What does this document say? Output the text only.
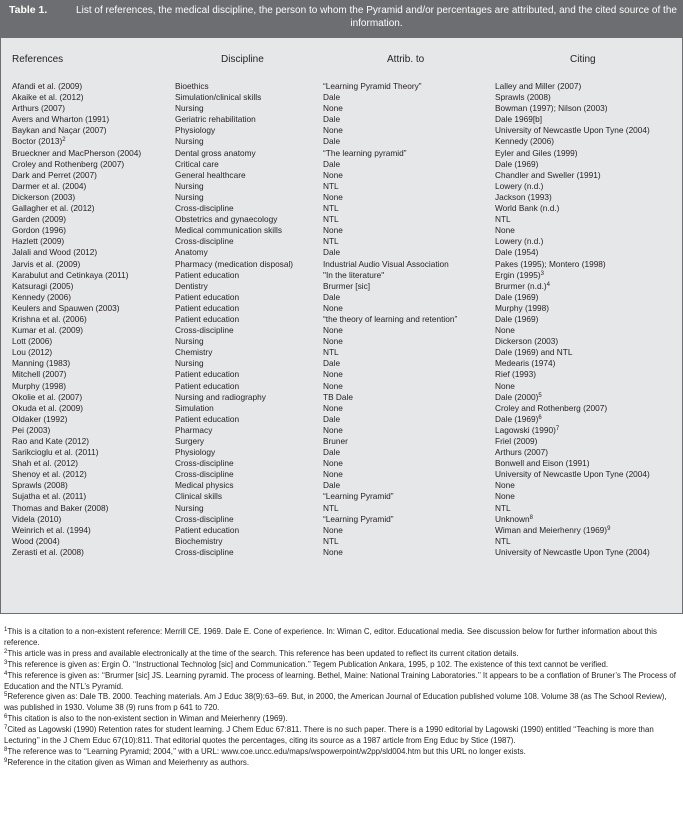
Table 1.	List of references, the medical discipline, the person to whom the Pyramid and/or percentages are attributed, and the cited source of the information.
References	Discipline	Attrib. to	Citing
Afandi et al. (2009)	Bioethics	“Learning Pyramid Theory”	Lalley and Miller (2007)
Akaike et al. (2012)	Simulation/clinical skills	Dale	Sprawls (2008)
Arthurs (2007)	Nursing	None	Bowman (1997); Nilson (2003)
Avers and Wharton (1991)	Geriatric rehabilitation	Dale	Dale 1969[b]
Baykan and Naçar (2007)	Physiology	None	University of Newcastle Upon Tyne (2004)
Boctor $(2013)^2$	Nursing	Dale	Kennedy (2006)
Brueckner and MacPherson (2004)	Dental gross anatomy	“The learning pyramid”	Eyler and Giles (1999)
Croley and Rothenberg (2007)	Critical care	Dale	Dale (1969)
Dark and Perret (2007)	General healthcare	None	Chandler and Sweller (1991)
Darmer et al. (2004)	Nursing	NTL	Lowery (n.d.)
Dickerson (2003)	Nursing	None	Jackson (1993)
Gallagher et al. (2012)	Cross-discipline	NTL	World Bank (n.d.)
Garden (2009)	Obstetrics and gynaecology	NTL	NTL
Gordon (1996)	Medical communication skills	None	None
Hazlett (2009)	Cross-discipline	NTL	Lowery (n.d.)
Jalali and Wood (2012)	Anatomy	Dale	Dale (1954)
Jarvis et al. (2009)	Pharmacy (medication disposal)	Industrial Audio Visual Association	Pakes (1995); Montero (1998)
Karabulut and Cetinkaya (2011)	Patient education	"In the literature"	Ergin $(1995)^3$
Katsuragi (2005)	Dentistry	Brurmer [sic]	Brurmer $(n.d.)^4$
Kennedy (2006)	Patient education	Dale	Dale (1969)
Keulers and Spauwen (2003)	Patient education	None	Murphy (1998)
Krishna et al. (2006)	Patient education	“the theory of learning and retention”	Dale (1969)
Kumar et al. (2009)	Cross-discipline	None	None
Lott (2006)	Nursing	None	Dickerson (2003)
Lou (2012)	Chemistry	NTL	Dale (1969) and NTL
Manning (1983)	Nursing	Dale	Medearis (1974)
Mitchell (2007)	Patient education	None	Rief (1993)
Murphy (1998)	Patient education	None	None
Okolie et al. (2007)	Nursing and radiography	TB Dale	Dale $(2000)^5$
Okuda et al. (2009)	Simulation	None	Croley and Rothenberg (2007)
Oldaker (1992)	Patient education	Dale	Dale $(1969)^6$
Pei (2003)	Pharmacy	None	Lagowski $(1990)^7$
Rao and Kate (2012)	Surgery	Bruner	Friel (2009)
Sarikcioglu et al. (2011)	Physiology	Dale	Arthurs (2007)
Shah et al. (2012)	Cross-discipline	None	Bonwell and Eison (1991)
Shenoy et al. (2012)	Cross-discipline	None	University of Newcastle Upon Tyne (2004)
Sprawls (2008)	Medical physics	Dale	None
Sujatha et al. (2011)	Clinical skills	“Learning Pyramid”	None
Thomas and Baker (2008)	Nursing	NTL	NTL
Videla (2010)	Cross-discipline	“Learning Pyramid”	Unknown$^8$
Weinrich et al. (1994)	Patient education	None	Wiman and Meierhenry $(1969)^9$
Wood (2004)	Biochemistry	NTL	NTL
Zerasti et al. (2008)	Cross-discipline	None	University of Newcastle Upon Tyne (2004)
$^1$This is a citation to a non-existent reference: Merrill CE. 1969. Dale E. Cone of experience. In: Wiman C, editor. Educational media. See discussion below for further information about this reference.
$^2$This article was in press and available electronically at the time of the search. This reference has been updated to reflect its current citation details.
$^3$This reference is given as: Ergin Ö. ‘‘Instructional Technolog [sic] and Communication.’’ Tegem Publication Ankara, 1995, p 102. The existence of this text cannot be verified.
$^4$This reference is given as: ‘‘Brurmer [sic] JS. Learning pyramid. The process of learning. Bethel, Maine: National Training Laboratories.’’ It appears to be a conflation of Bruner’s The Process of Education and the NTL’s Pyramid.
$^5$Reference given as: Dale TB. 2000. Teaching materials. Am J Educ 38(9):63–69. But, in 2000, the American Journal of Education published volume 108. Volume 38 (as The School Review), was published in 1930. Volume 38 (9) runs from p 641 to 720.
$^6$This citation is also to the non-existent section in Wiman and Meierhenry (1969).
$^7$Cited as Lagowski (1990) Retention rates for student learning. J Chem Educ 67:811. There is no such paper. There is a 1990 editorial by Lagowski (1990) entitled ‘‘Teaching is more than Lecturing’’ in the J Chem Educ 67(10):811. That editorial quotes the percentages, citing its source as a 1987 article from Eng Educ by Stice (1987).
$^8$The reference was to ‘‘Learning Pyramid; 2004,’’ with a URL: www.coe.uncc.edu/maps/wspowerpoint/w2pp/sld004.htm but this URL no longer exists.
$^9$Reference in the citation given as Wiman and Meierhenry as authors.
